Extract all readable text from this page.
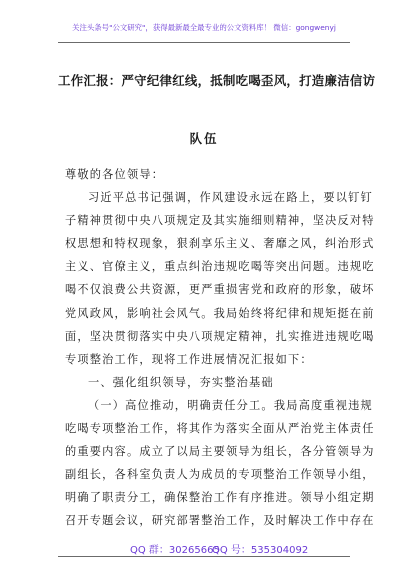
关注头条号"公文研究"，获得最新最全最专业的公文资料库！ 微信：gongwenyj
工作汇报：严守纪律红线，抵制吃喝歪风，打造廉洁信访
队伍

尊敬的各位领导：

习近平总书记强调，作风建设永远在路上，要以钉钉

子精神贯彻中央八项规定及其实施细则精神，坚决反对特

权思想和特权现象，狠刹享乐主义、奢靡之风，纠治形式

主义、官僚主义，重点纠治违规吃喝等突出问题。违规吃

喝不仅浪费公共资源，更严重损害党和政府的形象，破坏

党风政风，影响社会风气。我局始终将纪律和规矩挺在前

面，坚决贯彻落实中央八项规定精神，扎实推进违规吃喝

专项整治工作，现将工作进展情况汇报如下：

一、强化组织领导，夯实整治基础

（一）高位推动，明确责任分工。我局高度重视违规

吃喝专项整治工作，将其作为落实全面从严治党主体责任

的重要内容。成立了以局主要领导为组长，各分管领导为

副组长，各科室负责人为成员的专项整治工作领导小组，

明确了职责分工，确保整治工作有序推进。领导小组定期

召开专题会议，研究部署整治工作，及时解决工作中存在

QQ 群：30265665
QQ 号：535304092
